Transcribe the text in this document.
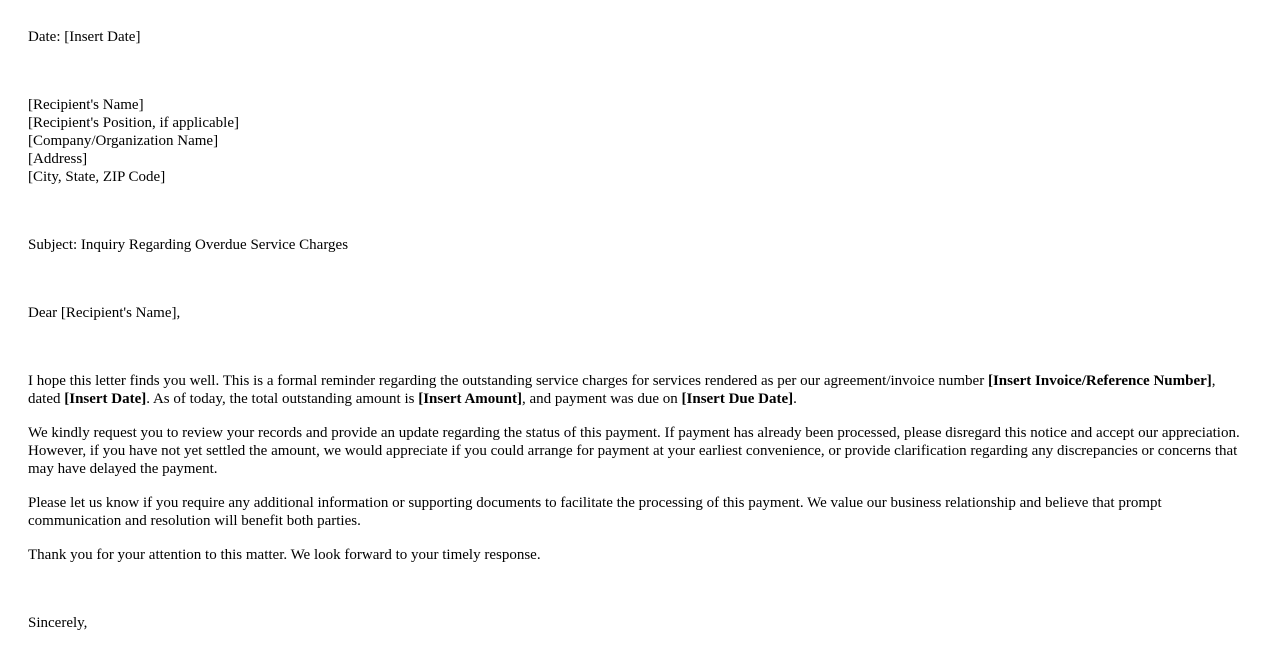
Date: [Insert Date]
[Recipient's Name]
[Recipient's Position, if applicable]
[Company/Organization Name]
[Address]
[City, State, ZIP Code]
Subject: Inquiry Regarding Overdue Service Charges
Dear [Recipient's Name],

I hope this letter finds you well. This is a formal reminder regarding the outstanding service charges for services rendered as per our agreement/invoice number [Insert Invoice/Reference Number], dated [Insert Date]. As of today, the total outstanding amount is [Insert Amount], and payment was due on [Insert Due Date].

We kindly request you to review your records and provide an update regarding the status of this payment. If payment has already been processed, please disregard this notice and accept our appreciation. However, if you have not yet settled the amount, we would appreciate if you could arrange for payment at your earliest convenience, or provide clarification regarding any discrepancies or concerns that may have delayed the payment.

Please let us know if you require any additional information or supporting documents to facilitate the processing of this payment. We value our business relationship and believe that prompt communication and resolution will benefit both parties.

Thank you for your attention to this matter. We look forward to your timely response.

Sincerely,
